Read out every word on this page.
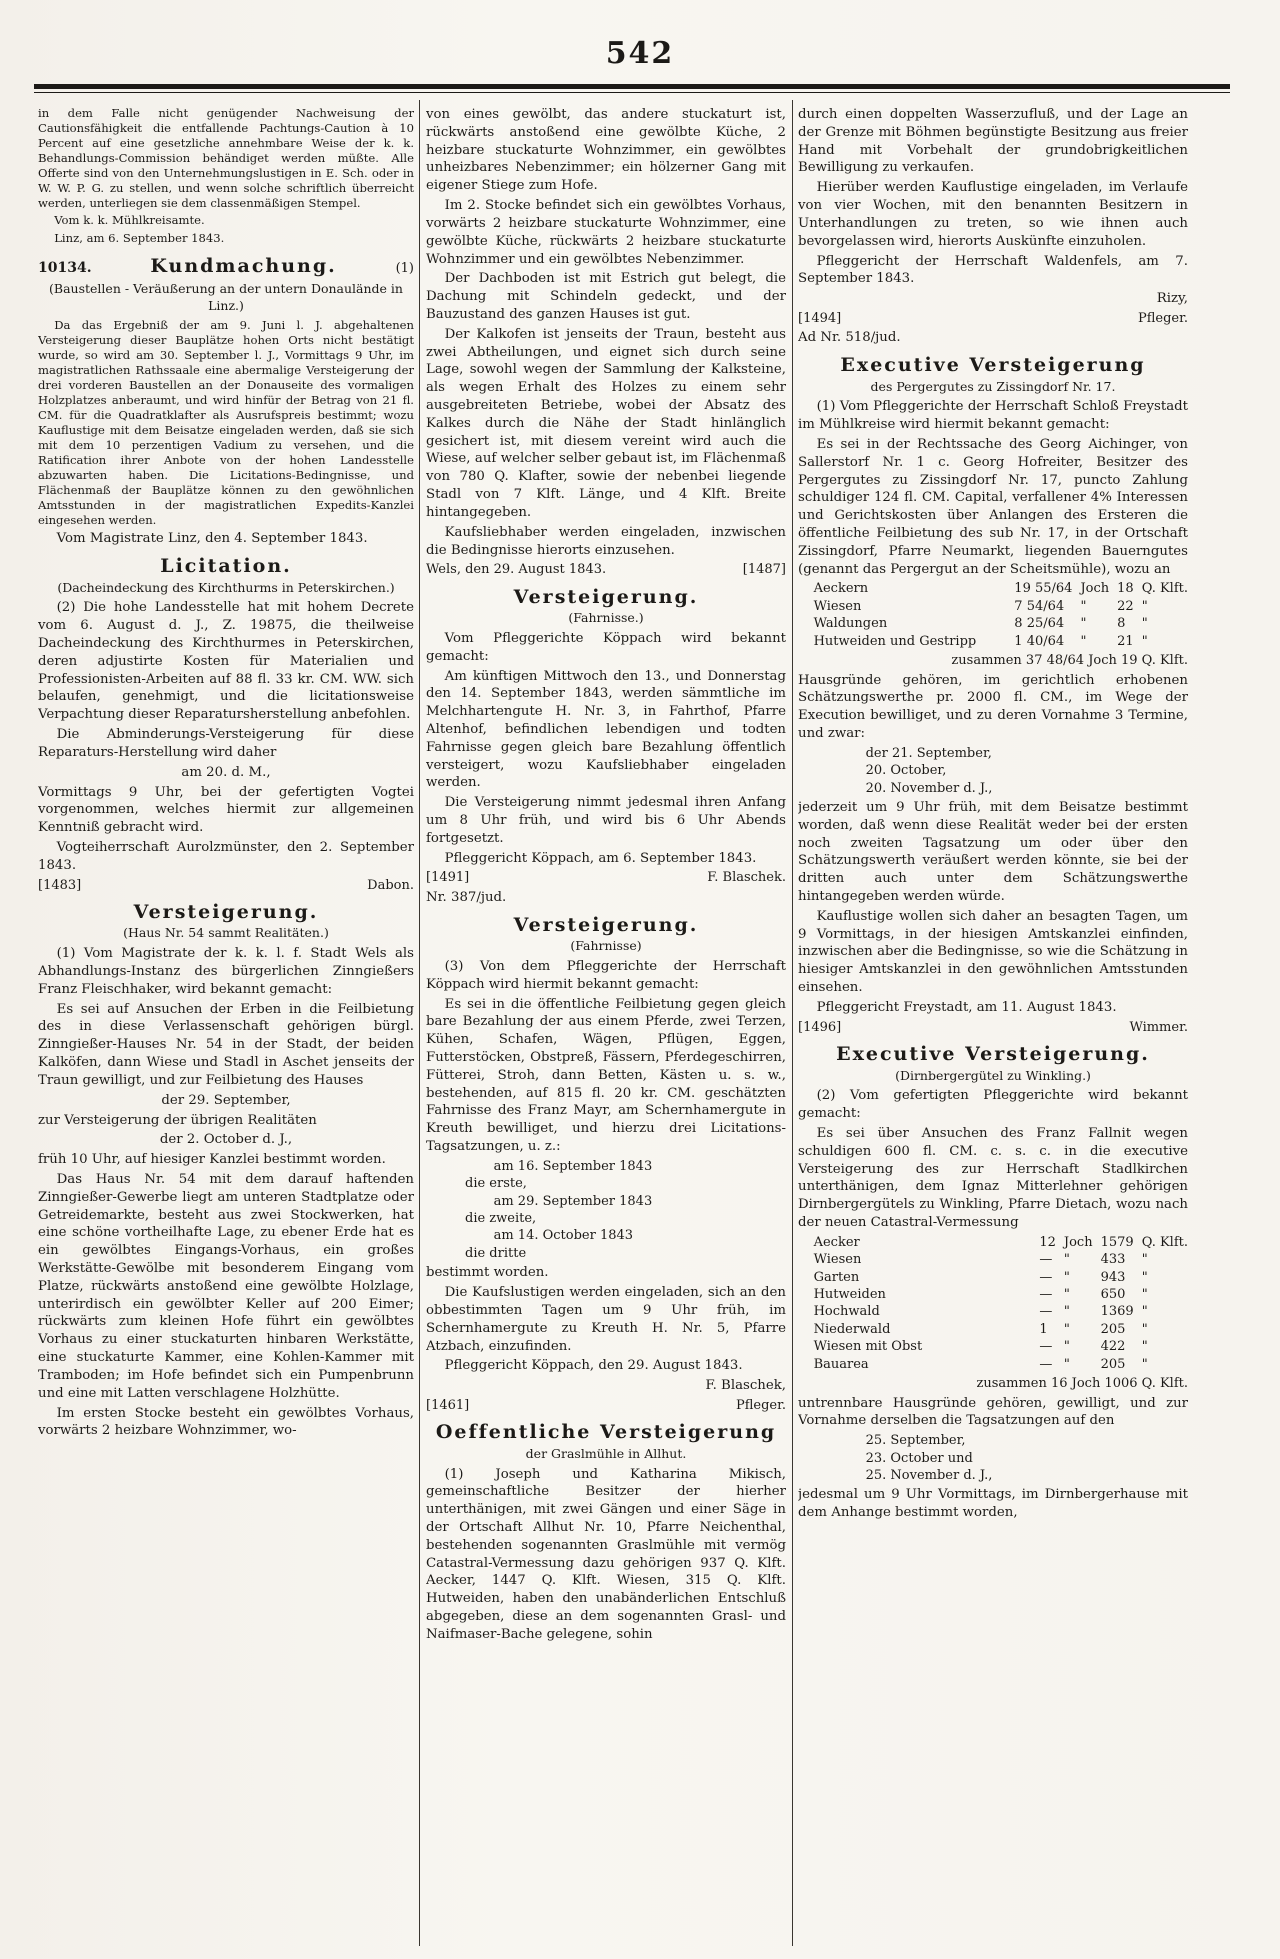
542

in dem Falle nicht genügender Nachweisung der Cautionsfähigkeit die entfallende Pachtungs-Caution à 10 Percent auf eine gesetzliche annehmbare Weise der k. k. Behandlungs-Commission behändiget werden müßte. Alle Offerte sind von den Unternehmungslustigen in E. Sch. oder in W. W. P. G. zu stellen, und wenn solche schriftlich überreicht werden, unterliegen sie dem classenmäßigen Stempel.

Vom k. k. Mühlkreisamte.

Linz, am 6. September 1843.

10134.	Kundmachung.	(1)
(Baustellen - Veräußerung an der untern Donaulände in Linz.)

Da das Ergebniß der am 9. Juni l. J. abgehaltenen Versteigerung dieser Bauplätze hohen Orts nicht bestätigt wurde, so wird am 30. September l. J., Vormittags 9 Uhr, im magistratlichen Rathssaale eine abermalige Versteigerung der drei vorderen Baustellen an der Donauseite des vormaligen Holzplatzes anberaumt, und wird hinfür der Betrag von 21 fl. CM. für die Quadratklafter als Ausrufspreis bestimmt; wozu Kauflustige mit dem Beisatze eingeladen werden, daß sie sich mit dem 10 perzentigen Vadium zu versehen, und die Ratification ihrer Anbote von der hohen Landesstelle abzuwarten haben. Die Licitations-Bedingnisse, und Flächenmaß der Bauplätze können zu den gewöhnlichen Amtsstunden in der magistratlichen Expedits-Kanzlei eingesehen werden.

Vom Magistrate Linz, den 4. September 1843.

Licitation.
(Dacheindeckung des Kirchthurms in Peterskirchen.)

(2) Die hohe Landesstelle hat mit hohem Decrete vom 6. August d. J., Z. 19875, die theilweise Dacheindeckung des Kirchthurmes in Peterskirchen, deren adjustirte Kosten für Materialien und Professionisten-Arbeiten auf 88 fl. 33 kr. CM. WW. sich belaufen, genehmigt, und die licitationsweise Verpachtung dieser Reparatursherstellung anbefohlen.

Die Abminderungs-Versteigerung für diese Reparaturs-Herstellung wird daher

am 20. d. M.,

Vormittags 9 Uhr, bei der gefertigten Vogtei vorgenommen, welches hiermit zur allgemeinen Kenntniß gebracht wird.

Vogteiherrschaft Aurolzmünster, den 2. September 1843.

[1483]	Dabon.
Versteigerung.
(Haus Nr. 54 sammt Realitäten.)

(1) Vom Magistrate der k. k. l. f. Stadt Wels als Abhandlungs-Instanz des bürgerlichen Zinngießers Franz Fleischhaker, wird bekannt gemacht:

Es sei auf Ansuchen der Erben in die Feilbietung des in diese Verlassenschaft gehörigen bürgl. Zinngießer-Hauses Nr. 54 in der Stadt, der beiden Kalköfen, dann Wiese und Stadl in Aschet jenseits der Traun gewilligt, und zur Feilbietung des Hauses

der 29. September,

zur Versteigerung der übrigen Realitäten

der 2. October d. J.,

früh 10 Uhr, auf hiesiger Kanzlei bestimmt worden.

Das Haus Nr. 54 mit dem darauf haftenden Zinngießer-Gewerbe liegt am unteren Stadtplatze oder Getreidemarkte, besteht aus zwei Stockwerken, hat eine schöne vortheilhafte Lage, zu ebener Erde hat es ein gewölbtes Eingangs-Vorhaus, ein großes Werkstätte-Gewölbe mit besonderem Eingang vom Platze, rückwärts anstoßend eine gewölbte Holzlage, unterirdisch ein gewölbter Keller auf 200 Eimer; rückwärts zum kleinen Hofe führt ein gewölbtes Vorhaus zu einer stuckaturten hinbaren Werkstätte, eine stuckaturte Kammer, eine Kohlen-Kammer mit Tramboden; im Hofe befindet sich ein Pumpenbrunn und eine mit Latten verschlagene Holzhütte.

Im ersten Stocke besteht ein gewölbtes Vorhaus, vorwärts 2 heizbare Wohnzimmer, wo-

von eines gewölbt, das andere stuckaturt ist, rückwärts anstoßend eine gewölbte Küche, 2 heizbare stuckaturte Wohnzimmer, ein gewölbtes unheizbares Nebenzimmer; ein hölzerner Gang mit eigener Stiege zum Hofe.

Im 2. Stocke befindet sich ein gewölbtes Vorhaus, vorwärts 2 heizbare stuckaturte Wohnzimmer, eine gewölbte Küche, rückwärts 2 heizbare stuckaturte Wohnzimmer und ein gewölbtes Nebenzimmer.

Der Dachboden ist mit Estrich gut belegt, die Dachung mit Schindeln gedeckt, und der Bauzustand des ganzen Hauses ist gut.

Der Kalkofen ist jenseits der Traun, besteht aus zwei Abtheilungen, und eignet sich durch seine Lage, sowohl wegen der Sammlung der Kalksteine, als wegen Erhalt des Holzes zu einem sehr ausgebreiteten Betriebe, wobei der Absatz des Kalkes durch die Nähe der Stadt hinlänglich gesichert ist, mit diesem vereint wird auch die Wiese, auf welcher selber gebaut ist, im Flächenmaß von 780 Q. Klafter, sowie der nebenbei liegende Stadl von 7 Klft. Länge, und 4 Klft. Breite hintangegeben.

Kaufsliebhaber werden eingeladen, inzwischen die Bedingnisse hierorts einzusehen.

Wels, den 29. August 1843.	[1487]
Versteigerung.
(Fahrnisse.)

Vom Pfleggerichte Köppach wird bekannt gemacht:

Am künftigen Mittwoch den 13., und Donnerstag den 14. September 1843, werden sämmtliche im Melchhartengute H. Nr. 3, in Fahrthof, Pfarre Altenhof, befindlichen lebendigen und todten Fahrnisse gegen gleich bare Bezahlung öffentlich versteigert, wozu Kaufsliebhaber eingeladen werden.

Die Versteigerung nimmt jedesmal ihren Anfang um 8 Uhr früh, und wird bis 6 Uhr Abends fortgesetzt.

Pfleggericht Köppach, am 6. September 1843.

[1491]	F. Blaschek.

Nr. 387/jud.

Versteigerung.
(Fahrnisse)

(3) Von dem Pfleggerichte der Herrschaft Köppach wird hiermit bekannt gemacht:

Es sei in die öffentliche Feilbietung gegen gleich bare Bezahlung der aus einem Pferde, zwei Terzen, Kühen, Schafen, Wägen, Pflügen, Eggen, Futterstöcken, Obstpreß, Fässern, Pferdegeschirren, Fütterei, Stroh, dann Betten, Kästen u. s. w., bestehenden, auf 815 fl. 20 kr. CM. geschätzten Fahrnisse des Franz Mayr, am Schernhamergute in Kreuth bewilliget, und hierzu drei Licitations-Tagsatzungen, u. z.:

am 16. September 1843
die erste,
am 29. September 1843
die zweite,
am 14. October 1843
die dritte

bestimmt worden.

Die Kaufslustigen werden eingeladen, sich an den obbestimmten Tagen um 9 Uhr früh, im Schernhamergute zu Kreuth H. Nr. 5, Pfarre Atzbach, einzufinden.

Pfleggericht Köppach, den 29. August 1843.

F. Blaschek,

[1461]	Pfleger.
Oeffentliche Versteigerung
der Graslmühle in Allhut.

(1) Joseph und Katharina Mikisch, gemeinschaftliche Besitzer der hierher unterthänigen, mit zwei Gängen und einer Säge in der Ortschaft Allhut Nr. 10, Pfarre Neichenthal, bestehenden sogenannten Graslmühle mit vermög Catastral-Vermessung dazu gehörigen 937 Q. Klft. Aecker, 1447 Q. Klft. Wiesen, 315 Q. Klft. Hutweiden, haben den unabänderlichen Entschluß abgegeben, diese an dem sogenannten Grasl- und Naifmaser-Bache gelegene, sohin

durch einen doppelten Wasserzufluß, und der Lage an der Grenze mit Böhmen begünstigte Besitzung aus freier Hand mit Vorbehalt der grundobrigkeitlichen Bewilligung zu verkaufen.

Hierüber werden Kauflustige eingeladen, im Verlaufe von vier Wochen, mit den benannten Besitzern in Unterhandlungen zu treten, so wie ihnen auch bevorgelassen wird, hierorts Auskünfte einzuholen.

Pfleggericht der Herrschaft Waldenfels, am 7. September 1843.

Rizy,

[1494]	Pfleger.

Ad Nr. 518/jud.

Executive Versteigerung
des Pergergutes zu Zissingdorf Nr. 17.

(1) Vom Pfleggerichte der Herrschaft Schloß Freystadt im Mühlkreise wird hiermit bekannt gemacht:

Es sei in der Rechtssache des Georg Aichinger, von Sallerstorf Nr. 1 c. Georg Hofreiter, Besitzer des Pergergutes zu Zissingdorf Nr. 17, puncto Zahlung schuldiger 124 fl. CM. Capital, verfallener 4% Interessen und Gerichtskosten über Anlangen des Ersteren die öffentliche Feilbietung des sub Nr. 17, in der Ortschaft Zissingdorf, Pfarre Neumarkt, liegenden Bauerngutes (genannt das Pergergut an der Scheitsmühle), wozu an

Aeckern	19 55/64 Joch 18 Q. Klft.
Wiesen	7 54/64	"	22 "
Waldungen	8 25/64	"	8	"
Hutweiden und Gestripp	1 40/64	"	21 "
zusammen 37 48/64 Joch 19 Q. Klft.

Hausgründe gehören, im gerichtlich erhobenen Schätzungswerthe pr. 2000 fl. CM., im Wege der Execution bewilliget, und zu deren Vornahme 3 Termine, und zwar:

der 21. September,
20. October,
20. November d. J.,

jederzeit um 9 Uhr früh, mit dem Beisatze bestimmt worden, daß wenn diese Realität weder bei der ersten noch zweiten Tagsatzung um oder über den Schätzungswerth veräußert werden könnte, sie bei der dritten auch unter dem Schätzungswerthe hintangegeben werden würde.

Kauflustige wollen sich daher an besagten Tagen, um 9 Vormittags, in der hiesigen Amtskanzlei einfinden, inzwischen aber die Bedingnisse, so wie die Schätzung in hiesiger Amtskanzlei in den gewöhnlichen Amtsstunden einsehen.

Pfleggericht Freystadt, am 11. August 1843.

[1496]	Wimmer.
Executive Versteigerung.
(Dirnbergergütel zu Winkling.)

(2) Vom gefertigten Pfleggerichte wird bekannt gemacht:

Es sei über Ansuchen des Franz Fallnit wegen schuldigen 600 fl. CM. c. s. c. in die executive Versteigerung des zur Herrschaft Stadlkirchen unterthänigen, dem Ignaz Mitterlehner gehörigen Dirnbergergütels zu Winkling, Pfarre Dietach, wozu nach der neuen Catastral-Vermessung

Aecker	12 Joch 1579 Q. Klft.
Wiesen	— "	433	"
Garten	— "	943	"
Hutweiden	— "	650	"
Hochwald	— "	1369 "
Niederwald	1	"	205	"
Wiesen mit Obst	— "	422	"
Bauarea	— "	205	"
zusammen 16 Joch 1006 Q. Klft.

untrennbare Hausgründe gehören, gewilligt, und zur Vornahme derselben die Tagsatzungen auf den

25. September,
23. October und
25. November d. J.,

jedesmal um 9 Uhr Vormittags, im Dirnbergerhause mit dem Anhange bestimmt worden,
